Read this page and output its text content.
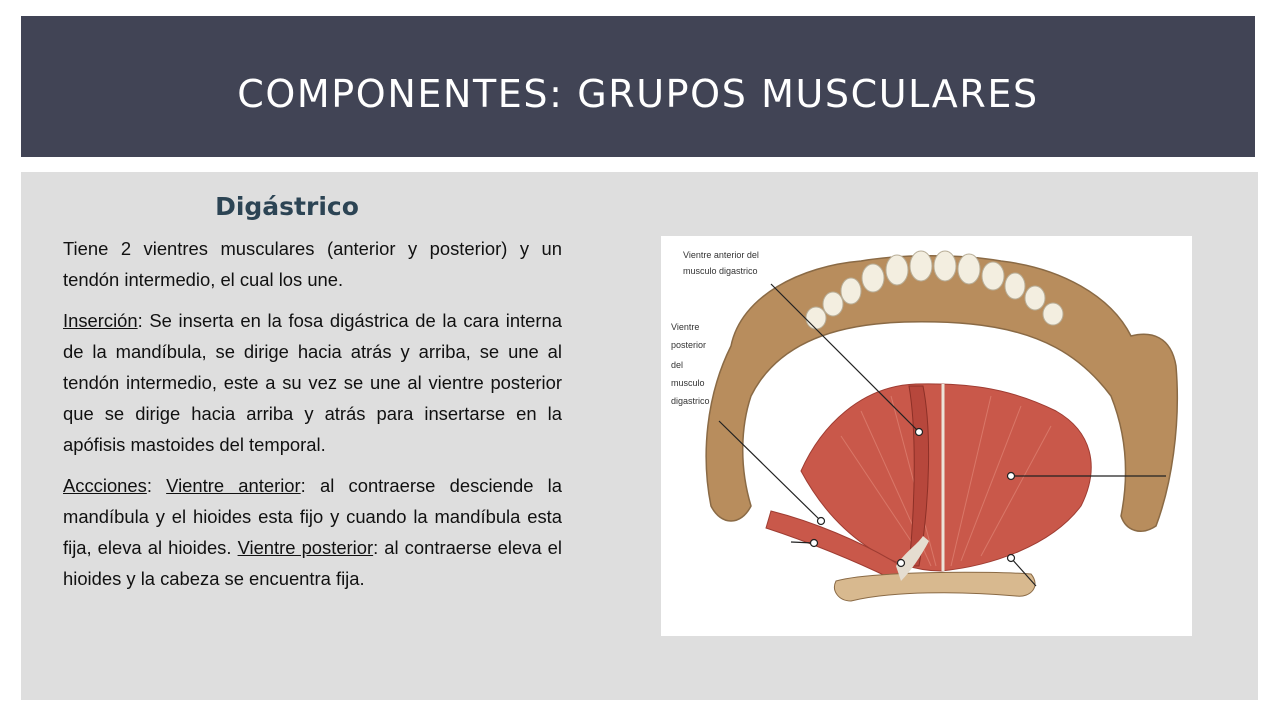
COMPONENTES: GRUPOS MUSCULARES
Digástrico

Tiene 2 vientres musculares (anterior y posterior) y un tendón intermedio, el cual los une.

Inserción: Se inserta en la fosa digástrica de la cara interna de la mandíbula, se dirige hacia atrás y arriba, se une al tendón intermedio, este a su vez se une al vientre posterior que se dirige hacia arriba y atrás para insertarse en la apófisis mastoides del temporal.

Accciones: Vientre anterior: al contraerse desciende la mandíbula y el hioides esta fijo y cuando la mandíbula esta fija, eleva al hioides. Vientre posterior: al contraerse eleva el hioides y la cabeza se encuentra fija.

Vientre anterior del
musculo digastrico
Vientre
posterior
del
musculo
digastrico
